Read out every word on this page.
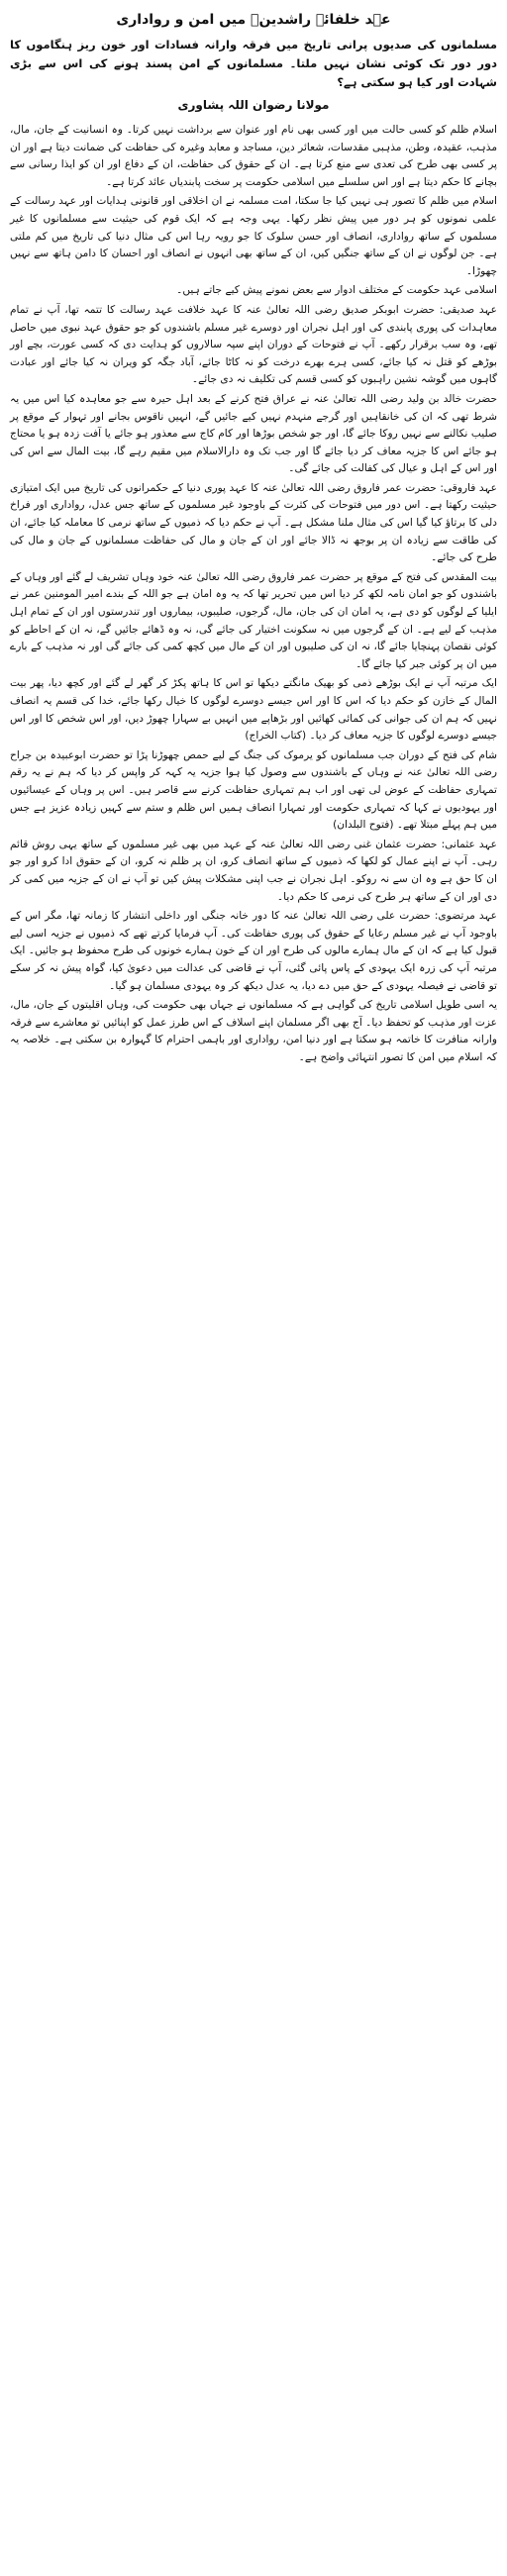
عہد خلفائے راشدینؓ میں امن و رواداری
مسلمانوں کی صدیوں پرانی تاریخ میں فرقہ وارانہ فسادات اور خون ریز ہنگاموں کا دور دور تک کوئی نشان نہیں ملتا۔ مسلمانوں کے امن پسند ہونے کی اس سے بڑی شہادت اور کیا ہو سکتی ہے؟
مولانا رضوان اللہ پشاوری

اسلام ظلم کو کسی حالت میں اور کسی بھی نام اور عنوان سے برداشت نہیں کرتا۔ وہ انسانیت کے جان، مال، مذہب، عقیدہ، وطن، مذہبی مقدسات، شعائر دین، مساجد و معابد وغیرہ کی حفاظت کی ضمانت دیتا ہے اور ان پر کسی بھی طرح کی تعدی سے منع کرتا ہے۔ ان کے حقوق کی حفاظت، ان کے دفاع اور ان کو ایذا رسانی سے بچانے کا حکم دیتا ہے اور اس سلسلے میں اسلامی حکومت پر سخت پابندیاں عائد کرتا ہے۔

اسلام میں ظلم کا تصور ہی نہیں کیا جا سکتا، امت مسلمہ نے ان اخلاقی اور قانونی ہدایات اور عہد رسالت کے علمی نمونوں کو ہر دور میں پیش نظر رکھا۔ یہی وجہ ہے کہ ایک قوم کی حیثیت سے مسلمانوں کا غیر مسلموں کے ساتھ رواداری، انصاف اور حسن سلوک کا جو رویہ رہا اس کی مثال دنیا کی تاریخ میں کم ملتی ہے۔ جن لوگوں نے ان کے ساتھ جنگیں کیں، ان کے ساتھ بھی انہوں نے انصاف اور احسان کا دامن ہاتھ سے نہیں چھوڑا۔

اسلامی عہد حکومت کے مختلف ادوار سے بعض نمونے پیش کیے جاتے ہیں۔

عہد صدیقی: حضرت ابوبکر صدیق رضی اللہ تعالیٰ عنہ کا عہد خلافت عہد رسالت کا تتمہ تھا، آپ نے تمام معاہدات کی پوری پابندی کی اور اہل نجران اور دوسرے غیر مسلم باشندوں کو جو حقوق عہد نبوی میں حاصل تھے، وہ سب برقرار رکھے۔ آپ نے فتوحات کے دوران اپنے سپہ سالاروں کو ہدایت دی کہ کسی عورت، بچے اور بوڑھے کو قتل نہ کیا جائے، کسی ہرے بھرے درخت کو نہ کاٹا جائے، آباد جگہ کو ویران نہ کیا جائے اور عبادت گاہوں میں گوشہ نشین راہبوں کو کسی قسم کی تکلیف نہ دی جائے۔

حضرت خالد بن ولید رضی اللہ تعالیٰ عنہ نے عراق فتح کرنے کے بعد اہل حیرہ سے جو معاہدہ کیا اس میں یہ شرط تھی کہ ان کی خانقاہیں اور گرجے منہدم نہیں کیے جائیں گے، انہیں ناقوس بجانے اور تہوار کے موقع پر صلیب نکالنے سے نہیں روکا جائے گا، اور جو شخص بوڑھا اور کام کاج سے معذور ہو جائے یا آفت زدہ ہو یا محتاج ہو جائے اس کا جزیہ معاف کر دیا جائے گا اور جب تک وہ دارالاسلام میں مقیم رہے گا، بیت المال سے اس کی اور اس کے اہل و عیال کی کفالت کی جائے گی۔

عہد فاروقی: حضرت عمر فاروق رضی اللہ تعالیٰ عنہ کا عہد پوری دنیا کے حکمرانوں کی تاریخ میں ایک امتیازی حیثیت رکھتا ہے۔ اس دور میں فتوحات کی کثرت کے باوجود غیر مسلموں کے ساتھ جس عدل، رواداری اور فراخ دلی کا برتاؤ کیا گیا اس کی مثال ملنا مشکل ہے۔ آپ نے حکم دیا کہ ذمیوں کے ساتھ نرمی کا معاملہ کیا جائے، ان کی طاقت سے زیادہ ان پر بوجھ نہ ڈالا جائے اور ان کے جان و مال کی حفاظت مسلمانوں کے جان و مال کی طرح کی جائے۔

بیت المقدس کی فتح کے موقع پر حضرت عمر فاروق رضی اللہ تعالیٰ عنہ خود وہاں تشریف لے گئے اور وہاں کے باشندوں کو جو امان نامہ لکھ کر دیا اس میں تحریر تھا کہ یہ وہ امان ہے جو اللہ کے بندے امیر المومنین عمر نے ایلیا کے لوگوں کو دی ہے، یہ امان ان کی جان، مال، گرجوں، صلیبوں، بیماروں اور تندرستوں اور ان کے تمام اہل مذہب کے لیے ہے۔ ان کے گرجوں میں نہ سکونت اختیار کی جائے گی، نہ وہ ڈھائے جائیں گے، نہ ان کے احاطے کو کوئی نقصان پہنچایا جائے گا، نہ ان کی صلیبوں اور ان کے مال میں کچھ کمی کی جائے گی اور نہ مذہب کے بارے میں ان پر کوئی جبر کیا جائے گا۔

ایک مرتبہ آپ نے ایک بوڑھے ذمی کو بھیک مانگتے دیکھا تو اس کا ہاتھ پکڑ کر گھر لے گئے اور کچھ دیا، پھر بیت المال کے خازن کو حکم دیا کہ اس کا اور اس جیسے دوسرے لوگوں کا خیال رکھا جائے، خدا کی قسم یہ انصاف نہیں کہ ہم ان کی جوانی کی کمائی کھائیں اور بڑھاپے میں انہیں بے سہارا چھوڑ دیں، اور اس شخص کا اور اس جیسے دوسرے لوگوں کا جزیہ معاف کر دیا۔ (کتاب الخراج)

شام کی فتح کے دوران جب مسلمانوں کو یرموک کی جنگ کے لیے حمص چھوڑنا پڑا تو حضرت ابوعبیدہ بن جراح رضی اللہ تعالیٰ عنہ نے وہاں کے باشندوں سے وصول کیا ہوا جزیہ یہ کہہ کر واپس کر دیا کہ ہم نے یہ رقم تمہاری حفاظت کے عوض لی تھی اور اب ہم تمہاری حفاظت کرنے سے قاصر ہیں۔ اس پر وہاں کے عیسائیوں اور یہودیوں نے کہا کہ تمہاری حکومت اور تمہارا انصاف ہمیں اس ظلم و ستم سے کہیں زیادہ عزیز ہے جس میں ہم پہلے مبتلا تھے۔ (فتوح البلدان)

عہد عثمانی: حضرت عثمان غنی رضی اللہ تعالیٰ عنہ کے عہد میں بھی غیر مسلموں کے ساتھ یہی روش قائم رہی۔ آپ نے اپنے عمال کو لکھا کہ ذمیوں کے ساتھ انصاف کرو، ان پر ظلم نہ کرو، ان کے حقوق ادا کرو اور جو ان کا حق ہے وہ ان سے نہ روکو۔ اہل نجران نے جب اپنی مشکلات پیش کیں تو آپ نے ان کے جزیہ میں کمی کر دی اور ان کے ساتھ ہر طرح کی نرمی کا حکم دیا۔

عہد مرتضوی: حضرت علی رضی اللہ تعالیٰ عنہ کا دور خانہ جنگی اور داخلی انتشار کا زمانہ تھا، مگر اس کے باوجود آپ نے غیر مسلم رعایا کے حقوق کی پوری حفاظت کی۔ آپ فرمایا کرتے تھے کہ ذمیوں نے جزیہ اسی لیے قبول کیا ہے کہ ان کے مال ہمارے مالوں کی طرح اور ان کے خون ہمارے خونوں کی طرح محفوظ ہو جائیں۔ ایک مرتبہ آپ کی زرہ ایک یہودی کے پاس پائی گئی، آپ نے قاضی کی عدالت میں دعویٰ کیا، گواہ پیش نہ کر سکے تو قاضی نے فیصلہ یہودی کے حق میں دے دیا، یہ عدل دیکھ کر وہ یہودی مسلمان ہو گیا۔

یہ اسی طویل اسلامی تاریخ کی گواہی ہے کہ مسلمانوں نے جہاں بھی حکومت کی، وہاں اقلیتوں کے جان، مال، عزت اور مذہب کو تحفظ دیا۔ آج بھی اگر مسلمان اپنے اسلاف کے اس طرز عمل کو اپنائیں تو معاشرے سے فرقہ وارانہ منافرت کا خاتمہ ہو سکتا ہے اور دنیا امن، رواداری اور باہمی احترام کا گہوارہ بن سکتی ہے۔ خلاصہ یہ کہ اسلام میں امن کا تصور انتہائی واضح ہے۔
